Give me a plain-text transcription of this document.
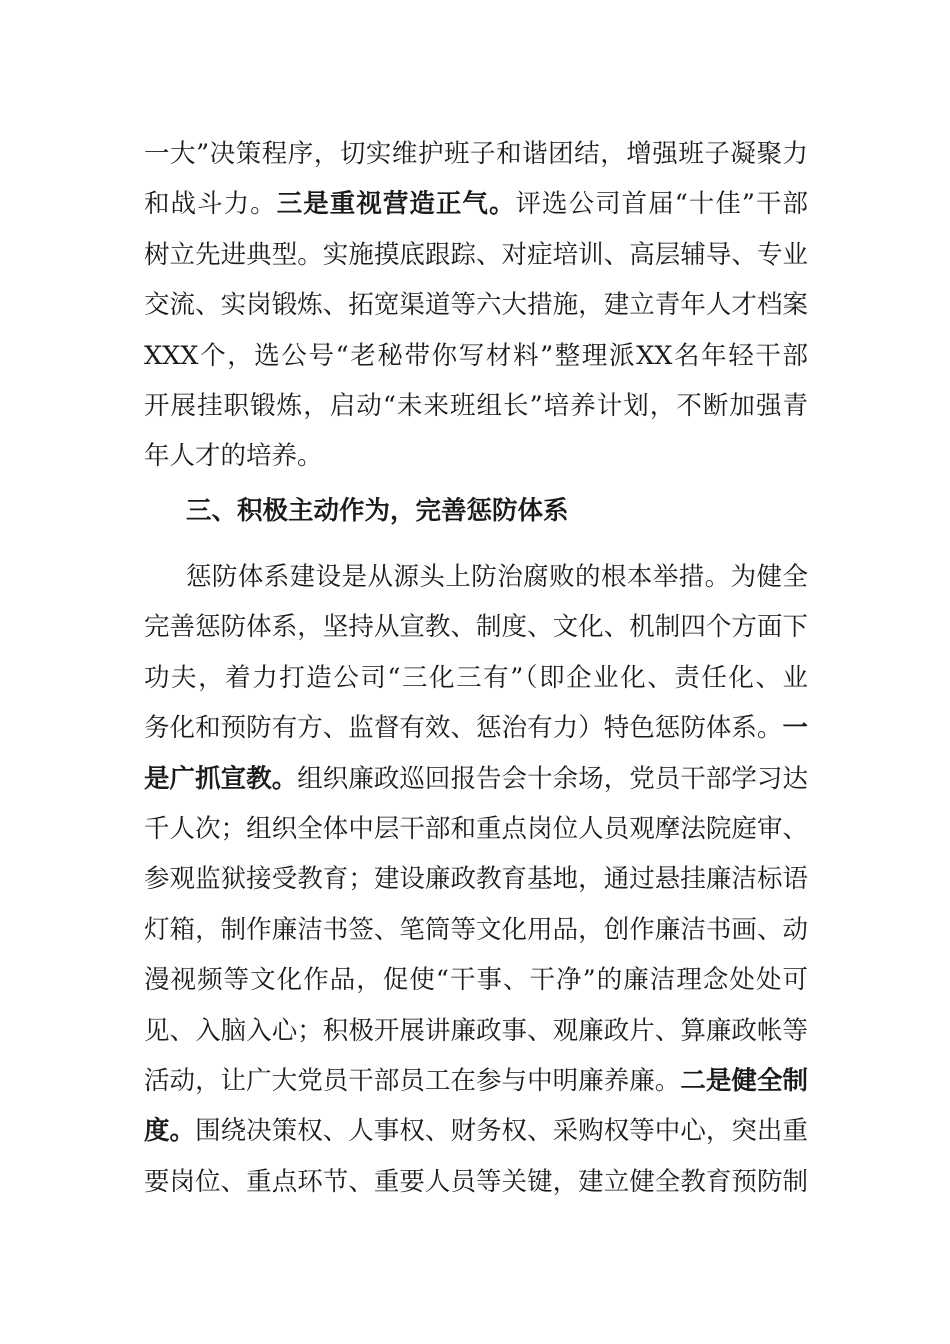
一大”决策程序，切实维护班子和谐团结，增强班子凝聚力
和战斗力。三是重视营造正气。评选公司首届“十佳”干部
树立先进典型。实施摸底跟踪、对症培训、高层辅导、专业
交流、实岗锻炼、拓宽渠道等六大措施，建立青年人才档案
XXX个，选公号“老秘带你写材料”整理派XX名年轻干部
开展挂职锻炼，启动“未来班组长”培养计划，不断加强青
年人才的培养。
三、积极主动作为，完善惩防体系
惩防体系建设是从源头上防治腐败的根本举措。为健全
完善惩防体系，坚持从宣教、制度、文化、机制四个方面下
功夫，着力打造公司“三化三有”（即企业化、责任化、业
务化和预防有方、监督有效、惩治有力）特色惩防体系。一
是广抓宣教。组织廉政巡回报告会十余场，党员干部学习达
千人次；组织全体中层干部和重点岗位人员观摩法院庭审、
参观监狱接受教育；建设廉政教育基地，通过悬挂廉洁标语
灯箱，制作廉洁书签、笔筒等文化用品，创作廉洁书画、动
漫视频等文化作品，促使“干事、干净”的廉洁理念处处可
见、入脑入心；积极开展讲廉政事、观廉政片、算廉政帐等
活动，让广大党员干部员工在参与中明廉养廉。二是健全制
度。围绕决策权、人事权、财务权、采购权等中心，突出重
要岗位、重点环节、重要人员等关键，建立健全教育预防制
